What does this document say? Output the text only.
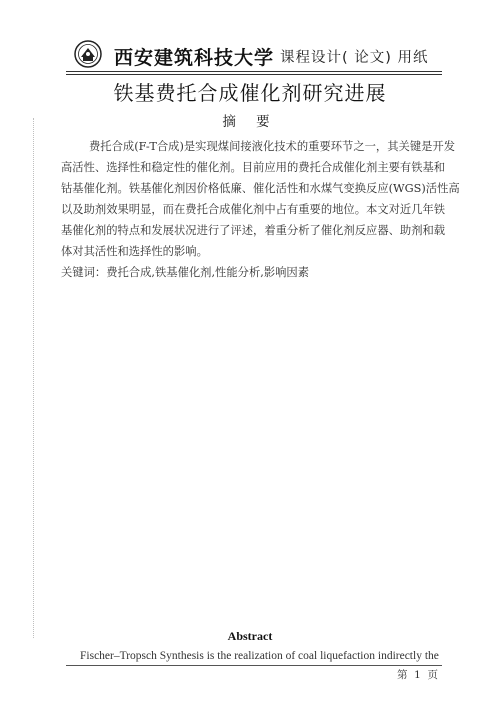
西安建筑科技大学 课程设计( 论文) 用纸
铁基费托合成催化剂研究进展
摘 要
费托合成(F-T合成)是实现煤间接液化技术的重要环节之一，其关键是开发
高活性、选择性和稳定性的催化剂。目前应用的费托合成催化剂主要有铁基和
钴基催化剂。铁基催化剂因价格低廉、催化活性和水煤气变换反应(WGS)活性高
以及助剂效果明显，而在费托合成催化剂中占有重要的地位。本文对近几年铁
基催化剂的特点和发展状况进行了评述，着重分析了催化剂反应器、助剂和载
体对其活性和选择性的影响。
关键词：费托合成,铁基催化剂,性能分析,影响因素
Abstract
Fischer–Tropsch Synthesis is the realization of coal liquefaction indirectly the
第  1  页
